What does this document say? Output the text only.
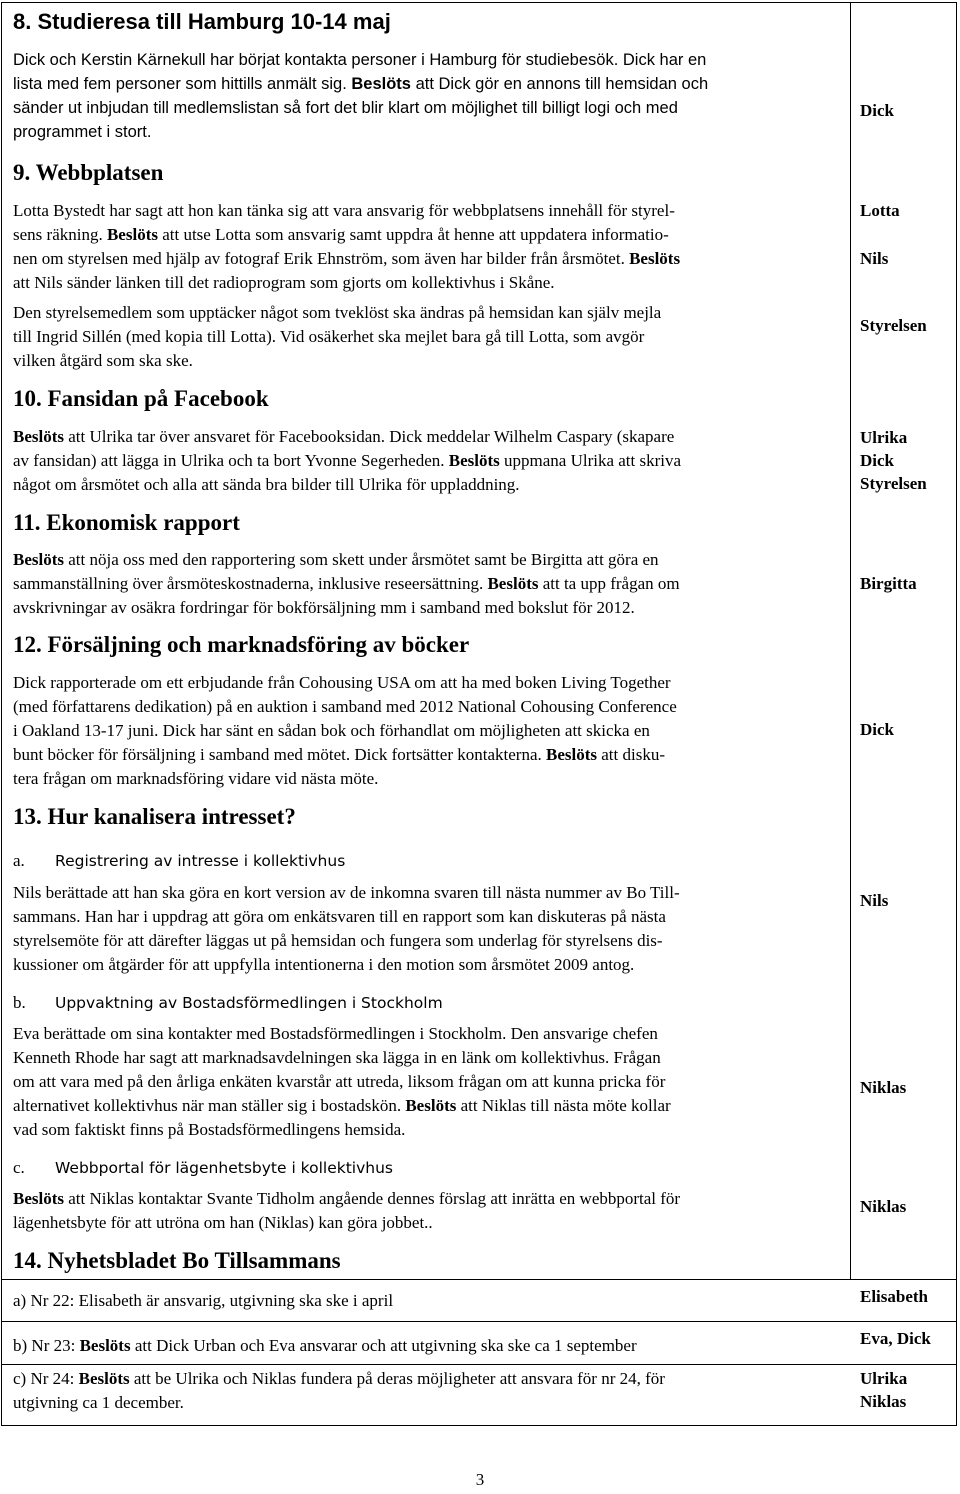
8. Studieresa till Hamburg 10-14 maj
Dick och Kerstin Kärnekull har börjat kontakta personer i Hamburg för studiebesök. Dick har en
lista med fem personer som hittills anmält sig. Beslöts att Dick gör en annons till hemsidan och
sänder ut inbjudan till medlemslistan så fort det blir klart om möjlighet till billigt logi och med
programmet i stort.
9. Webbplatsen
Lotta Bystedt har sagt att hon kan tänka sig att vara ansvarig för webbplatsens innehåll för styrel-
sens räkning. Beslöts att utse Lotta som ansvarig samt uppdra åt henne att uppdatera informatio-
nen om styrelsen med hjälp av fotograf Erik Ehnström, som även har bilder från årsmötet. Beslöts
att Nils sänder länken till det radioprogram som gjorts om kollektivhus i Skåne.
Den styrelsemedlem som upptäcker något som tveklöst ska ändras på hemsidan kan själv mejla
till Ingrid Sillén (med kopia till Lotta). Vid osäkerhet ska mejlet bara gå till Lotta, som avgör
vilken åtgärd som ska ske.
10. Fansidan på Facebook
Beslöts att Ulrika tar över ansvaret för Facebooksidan. Dick meddelar Wilhelm Caspary (skapare
av fansidan) att lägga in Ulrika och ta bort Yvonne Segerheden. Beslöts uppmana Ulrika att skriva
något om årsmötet och alla att sända bra bilder till Ulrika för uppladdning.
11. Ekonomisk rapport
Beslöts att nöja oss med den rapportering som skett under årsmötet samt be Birgitta att göra en
sammanställning över årsmöteskostnaderna, inklusive reseersättning. Beslöts att ta upp frågan om
avskrivningar av osäkra fordringar för bokförsäljning mm i samband med bokslut för 2012.
12. Försäljning och marknadsföring av böcker
Dick rapporterade om ett erbjudande från Cohousing USA om att ha med boken Living Together
(med författarens dedikation) på en auktion i samband med 2012 National Cohousing Conference
i Oakland 13-17 juni. Dick har sänt en sådan bok och förhandlat om möjligheten att skicka en
bunt böcker för försäljning i samband med mötet. Dick fortsätter kontakterna. Beslöts att disku-
tera frågan om marknadsföring vidare vid nästa möte.
13. Hur kanalisera intresset?
a. Registrering av intresse i kollektivhus
Nils berättade att han ska göra en kort version av de inkomna svaren till nästa nummer av Bo Till-
sammans. Han har i uppdrag att göra om enkätsvaren till en rapport som kan diskuteras på nästa
styrelsemöte för att därefter läggas ut på hemsidan och fungera som underlag för styrelsens dis-
kussioner om åtgärder för att uppfylla intentionerna i den motion som årsmötet 2009 antog.
b. Uppvaktning av Bostadsförmedlingen i Stockholm
Eva berättade om sina kontakter med Bostadsförmedlingen i Stockholm. Den ansvarige chefen
Kenneth Rhode har sagt att marknadsavdelningen ska lägga in en länk om kollektivhus. Frågan
om att vara med på den årliga enkäten kvarstår att utreda, liksom frågan om att kunna pricka för
alternativet kollektivhus när man ställer sig i bostadskön. Beslöts att Niklas till nästa möte kollar
vad som faktiskt finns på Bostadsförmedlingens hemsida.
c. Webbportal för lägenhetsbyte i kollektivhus
Beslöts att Niklas kontaktar Svante Tidholm angående dennes förslag att inrätta en webbportal för
lägenhetsbyte för att utröna om han (Niklas) kan göra jobbet..
14. Nyhetsbladet Bo Tillsammans
a) Nr 22: Elisabeth är ansvarig, utgivning ska ske i april
b) Nr 23: Beslöts att Dick Urban och Eva ansvarar och att utgivning ska ske ca 1 september
c) Nr 24: Beslöts att be Ulrika och Niklas fundera på deras möjligheter att ansvara för nr 24, för
utgivning ca 1 december.
Dick
Lotta
Nils
Styrelsen
Ulrika
Dick
Styrelsen
Birgitta
Dick
Nils
Niklas
Niklas
Elisabeth
Eva, Dick
Ulrika
Niklas
3
